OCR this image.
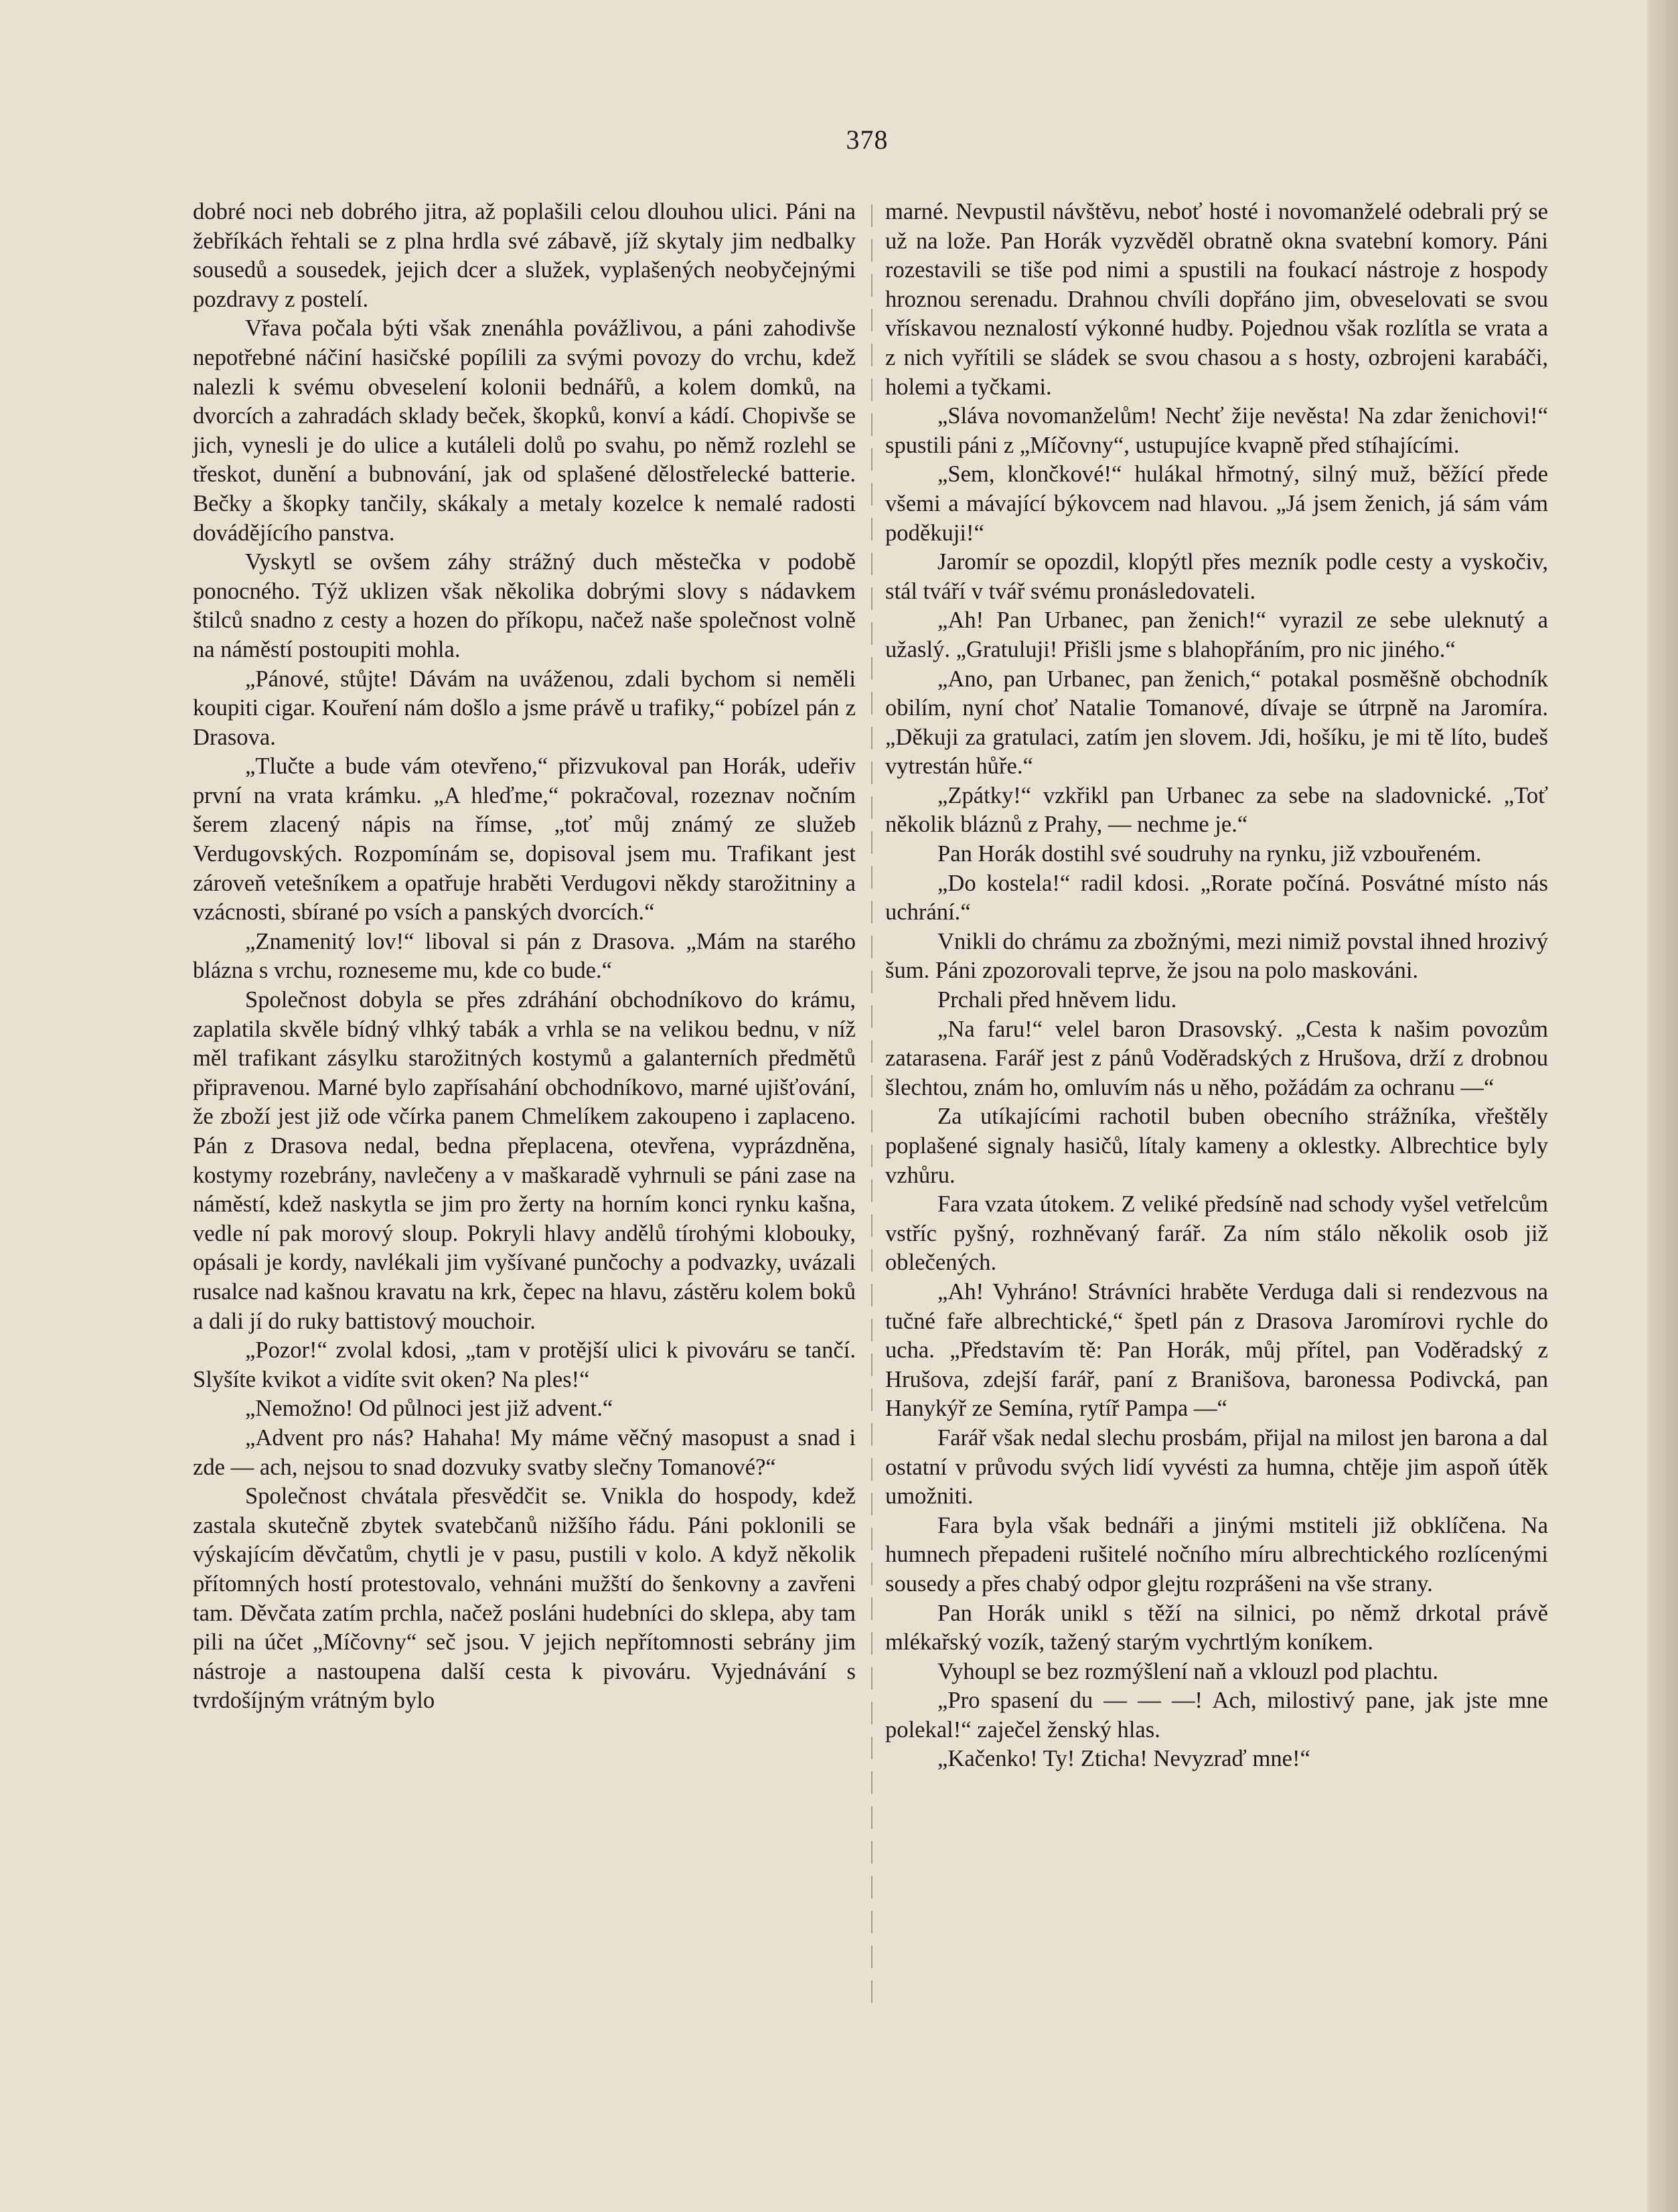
378

dobré noci neb dobrého jitra, až poplašili celou dlouhou ulici. Páni na žebříkách řehtali se z plna hrdla své zábavě, jíž skytaly jim nedbalky sousedů a sousedek, jejich dcer a služek, vyplašených neobyčejnými pozdravy z postelí.

Vřava počala býti však znenáhla povážlivou, a páni zahodivše nepotřebné náčiní hasičské popílili za svými povozy do vrchu, kdež nalezli k svému obveselení kolonii bednářů, a kolem domků, na dvorcích a zahradách sklady beček, škopků, konví a kádí. Chopivše se jich, vynesli je do ulice a kutáleli dolů po svahu, po němž rozlehl se třeskot, dunění a bubnování, jak od splašené dělostřelecké batterie. Bečky a škopky tančily, skákaly a metaly kozelce k nemalé radosti dovádějícího panstva.

Vyskytl se ovšem záhy strážný duch městečka v podobě ponocného. Týž uklizen však několika dobrými slovy s nádavkem štilců snadno z cesty a hozen do příkopu, načež naše společnost volně na náměstí postoupiti mohla.

„Pánové, stůjte! Dávám na uváženou, zdali bychom si neměli koupiti cigar. Kouření nám došlo a jsme právě u trafiky,“ pobízel pán z Drasova.

„Tlučte a bude vám otevřeno,“ přizvukoval pan Horák, udeřiv první na vrata krámku. „A hleďme,“ pokračoval, rozeznav nočním šerem zlacený nápis na římse, „toť můj známý ze služeb Verdugovských. Rozpomínám se, dopisoval jsem mu. Trafikant jest zároveň vetešníkem a opatřuje hraběti Verdugovi někdy starožitniny a vzácnosti, sbírané po vsích a panských dvorcích.“

„Znamenitý lov!“ liboval si pán z Drasova. „Mám na starého blázna s vrchu, rozneseme mu, kde co bude.“

Společnost dobyla se přes zdráhání obchodníkovo do krámu, zaplatila skvěle bídný vlhký tabák a vrhla se na velikou bednu, v níž měl trafikant zásylku starožitných kostymů a galanterních předmětů připravenou. Marné bylo zapřísahání obchodníkovo, marné ujišťování, že zboží jest již ode včírka panem Chmelíkem zakoupeno i zaplaceno. Pán z Drasova nedal, bedna přeplacena, otevřena, vyprázdněna, kostymy rozebrány, navlečeny a v maškaradě vyhrnuli se páni zase na náměstí, kdež naskytla se jim pro žerty na horním konci rynku kašna, vedle ní pak morový sloup. Pokryli hlavy andělů tírohými klobouky, opásali je kordy, navlékali jim vyšívané punčochy a podvazky, uvázali rusalce nad kašnou kravatu na krk, čepec na hlavu, zástěru kolem boků a dali jí do ruky battistový mouchoir.

„Pozor!“ zvolal kdosi, „tam v protější ulici k pivováru se tančí. Slyšíte kvikot a vidíte svit oken? Na ples!“

„Nemožno! Od půlnoci jest již advent.“

„Advent pro nás? Hahaha! My máme věčný masopust a snad i zde — ach, nejsou to snad dozvuky svatby slečny Tomanové?“

Společnost chvátala přesvědčit se. Vnikla do hospody, kdež zastala skutečně zbytek svatebčanů nižšího řádu. Páni poklonili se výskajícím děvčatům, chytli je v pasu, pustili v kolo. A když několik přítomných hostí protestovalo, vehnáni mužští do šenkovny a zavřeni tam. Děvčata zatím prchla, načež posláni hudebníci do sklepa, aby tam pili na účet „Míčovny“ seč jsou. V jejich nepřítomnosti sebrány jim nástroje a nastoupena další cesta k pivováru. Vyjednávání s tvrdošíjným vrátným bylo

marné. Nevpustil návštěvu, neboť hosté i novomanželé odebrali prý se už na lože. Pan Horák vyzvěděl obratně okna svatební komory. Páni rozestavili se tiše pod nimi a spustili na foukací nástroje z hospody hroznou serenadu. Drahnou chvíli dopřáno jim, obveselovati se svou vřískavou neznalostí výkonné hudby. Pojednou však rozlítla se vrata a z nich vyřítili se sládek se svou chasou a s hosty, ozbrojeni karabáči, holemi a tyčkami.

„Sláva novomanželům! Nechť žije nevěsta! Na zdar ženichovi!“ spustili páni z „Míčovny“, ustupujíce kvapně před stíhajícími.

„Sem, klončkové!“ hulákal hřmotný, silný muž, běžící přede všemi a mávající býkovcem nad hlavou. „Já jsem ženich, já sám vám poděkuji!“

Jaromír se opozdil, klopýtl přes mezník podle cesty a vyskočiv, stál tváří v tvář svému pronásledovateli.

„Ah! Pan Urbanec, pan ženich!“ vyrazil ze sebe uleknutý a užaslý. „Gratuluji! Přišli jsme s blahopřáním, pro nic jiného.“

„Ano, pan Urbanec, pan ženich,“ potakal posměšně obchodník obilím, nyní choť Natalie Tomanové, dívaje se útrpně na Jaromíra. „Děkuji za gratulaci, zatím jen slovem. Jdi, hošíku, je mi tě líto, budeš vytrestán hůře.“

„Zpátky!“ vzkřikl pan Urbanec za sebe na sladovnické. „Toť několik bláznů z Prahy, — nechme je.“

Pan Horák dostihl své soudruhy na rynku, již vzbouřeném.

„Do kostela!“ radil kdosi. „Rorate počíná. Posvátné místo nás uchrání.“

Vnikli do chrámu za zbožnými, mezi nimiž povstal ihned hrozivý šum. Páni zpozorovali teprve, že jsou na polo maskováni.

Prchali před hněvem lidu.

„Na faru!“ velel baron Drasovský. „Cesta k našim povozům zatarasena. Farář jest z pánů Voděradských z Hrušova, drží z drobnou šlechtou, znám ho, omluvím nás u něho, požádám za ochranu —“

Za utíkajícími rachotil buben obecního strážníka, vřeštěly poplašené signaly hasičů, lítaly kameny a oklestky. Albrechtice byly vzhůru.

Fara vzata útokem. Z veliké předsíně nad schody vyšel vetřelcům vstříc pyšný, rozhněvaný farář. Za ním stálo několik osob již oblečených.

„Ah! Vyhráno! Strávníci hraběte Verduga dali si rendezvous na tučné faře albrechtické,“ špetl pán z Drasova Jaromírovi rychle do ucha. „Představím tě: Pan Horák, můj přítel, pan Voděradský z Hrušova, zdejší farář, paní z Branišova, baronessa Podivcká, pan Hanykýř ze Semína, rytíř Pampa —“

Farář však nedal slechu prosbám, přijal na milost jen barona a dal ostatní v průvodu svých lidí vyvésti za humna, chtěje jim aspoň útěk umožniti.

Fara byla však bednáři a jinými mstiteli již obklíčena. Na humnech přepadeni rušitelé nočního míru albrechtického rozlícenými sousedy a přes chabý odpor glejtu rozprášeni na vše strany.

Pan Horák unikl s těží na silnici, po němž drkotal právě mlékařský vozík, tažený starým vychrtlým koníkem.

Vyhoupl se bez rozmýšlení naň a vklouzl pod plachtu.

„Pro spasení du — — —! Ach, milostivý pane, jak jste mne polekal!“ zaječel ženský hlas.

„Kačenko! Ty! Zticha! Nevyzraď mne!“
